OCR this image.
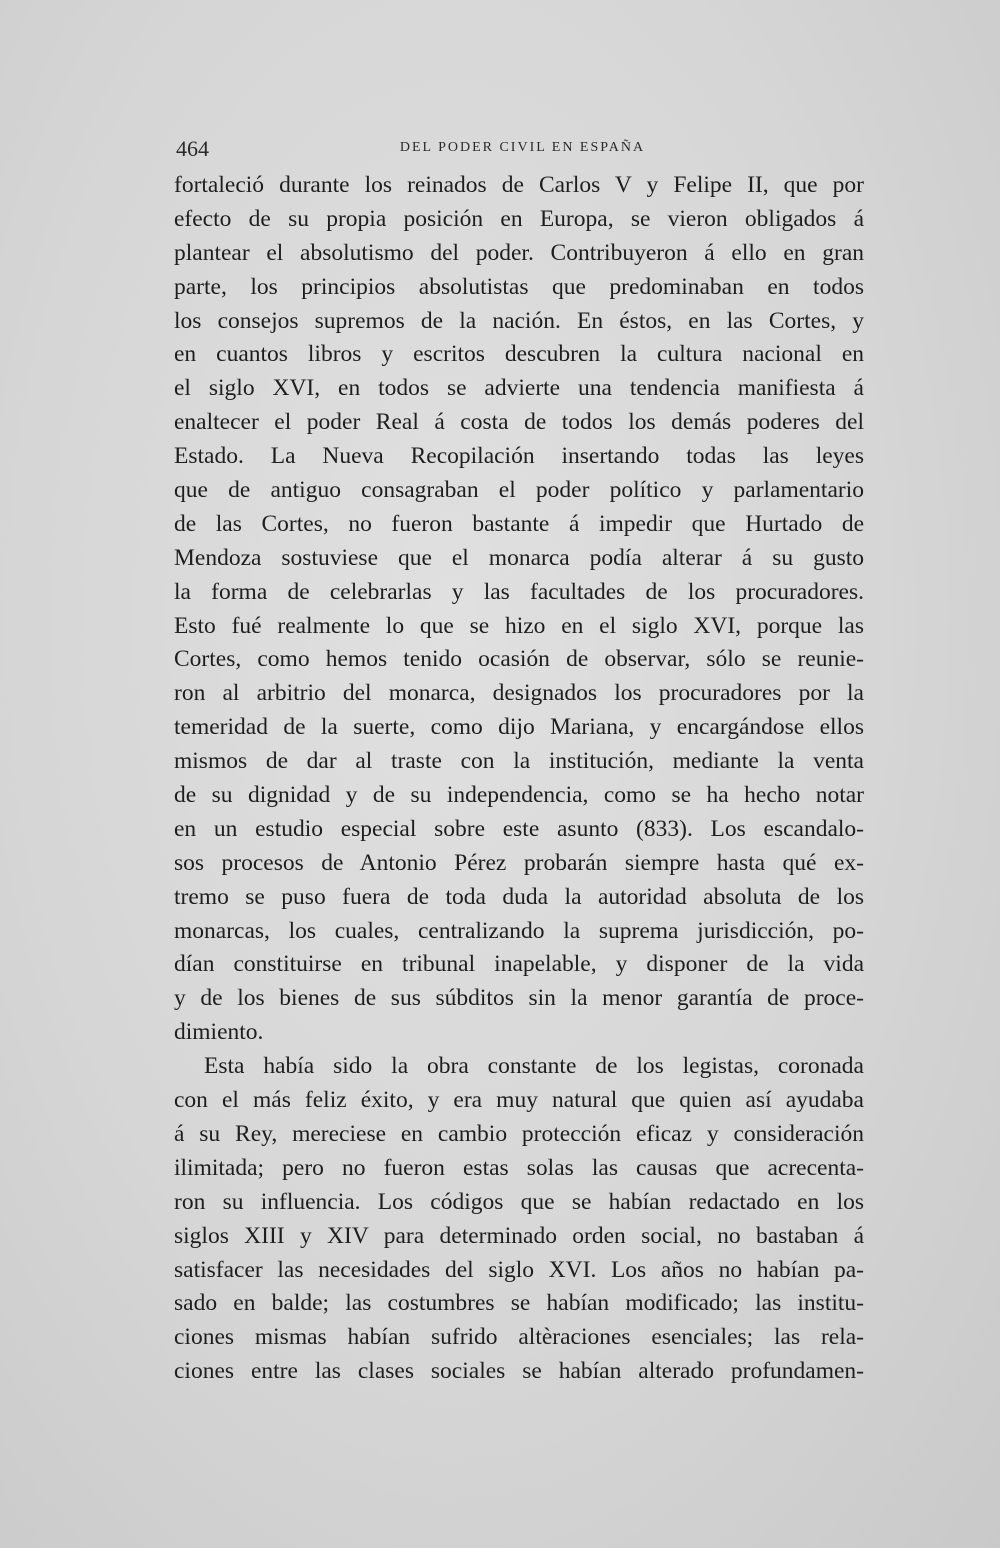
464	DEL PODER CIVIL EN ESPAÑA
fortaleció durante los reinados de Carlos V y Felipe II, que por
efecto de su propia posición en Europa, se vieron obligados á
plantear el absolutismo del poder. Contribuyeron á ello en gran
parte, los principios absolutistas que predominaban en todos
los consejos supremos de la nación. En éstos, en las Cortes, y
en cuantos libros y escritos descubren la cultura nacional en
el siglo XVI, en todos se advierte una tendencia manifiesta á
enaltecer el poder Real á costa de todos los demás poderes del
Estado. La Nueva Recopilación insertando todas las leyes
que de antiguo consagraban el poder político y parlamentario
de las Cortes, no fueron bastante á impedir que Hurtado de
Mendoza sostuviese que el monarca podía alterar á su gusto
la forma de celebrarlas y las facultades de los procuradores.
Esto fué realmente lo que se hizo en el siglo XVI, porque las
Cortes, como hemos tenido ocasión de observar, sólo se reunie-
ron al arbitrio del monarca, designados los procuradores por la
temeridad de la suerte, como dijo Mariana, y encargándose ellos
mismos de dar al traste con la institución, mediante la venta
de su dignidad y de su independencia, como se ha hecho notar
en un estudio especial sobre este asunto (833). Los escandalo-
sos procesos de Antonio Pérez probarán siempre hasta qué ex-
tremo se puso fuera de toda duda la autoridad absoluta de los
monarcas, los cuales, centralizando la suprema jurisdicción, po-
dían constituirse en tribunal inapelable, y disponer de la vida
y de los bienes de sus súbditos sin la menor garantía de proce-
dimiento.
Esta había sido la obra constante de los legistas, coronada
con el más feliz éxito, y era muy natural que quien así ayudaba
á su Rey, mereciese en cambio protección eficaz y consideración
ilimitada; pero no fueron estas solas las causas que acrecenta-
ron su influencia. Los códigos que se habían redactado en los
siglos XIII y XIV para determinado orden social, no bastaban á
satisfacer las necesidades del siglo XVI. Los años no habían pa-
sado en balde; las costumbres se habían modificado; las institu-
ciones mismas habían sufrido altèraciones esenciales; las rela-
ciones entre las clases sociales se habían alterado profundamen-
